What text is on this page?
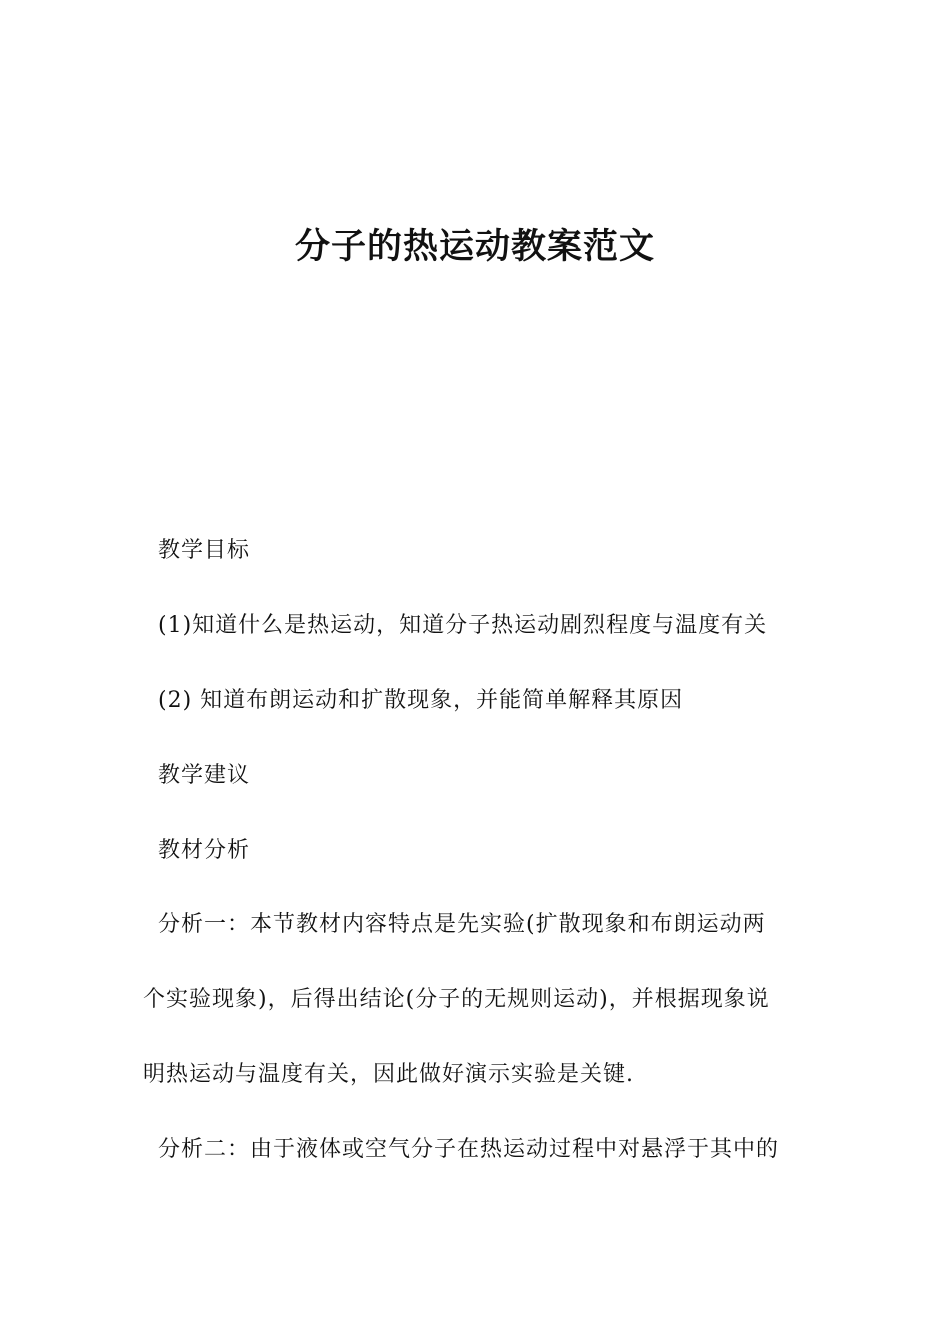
分子的热运动教案范文
教学目标
(1)知道什么是热运动，知道分子热运动剧烈程度与温度有关
(2) 知道布朗运动和扩散现象，并能简单解释其原因
教学建议
教材分析
分析一：本节教材内容特点是先实验(扩散现象和布朗运动两
个实验现象)，后得出结论(分子的无规则运动)，并根据现象说
明热运动与温度有关，因此做好演示实验是关键.
分析二：由于液体或空气分子在热运动过程中对悬浮于其中的
